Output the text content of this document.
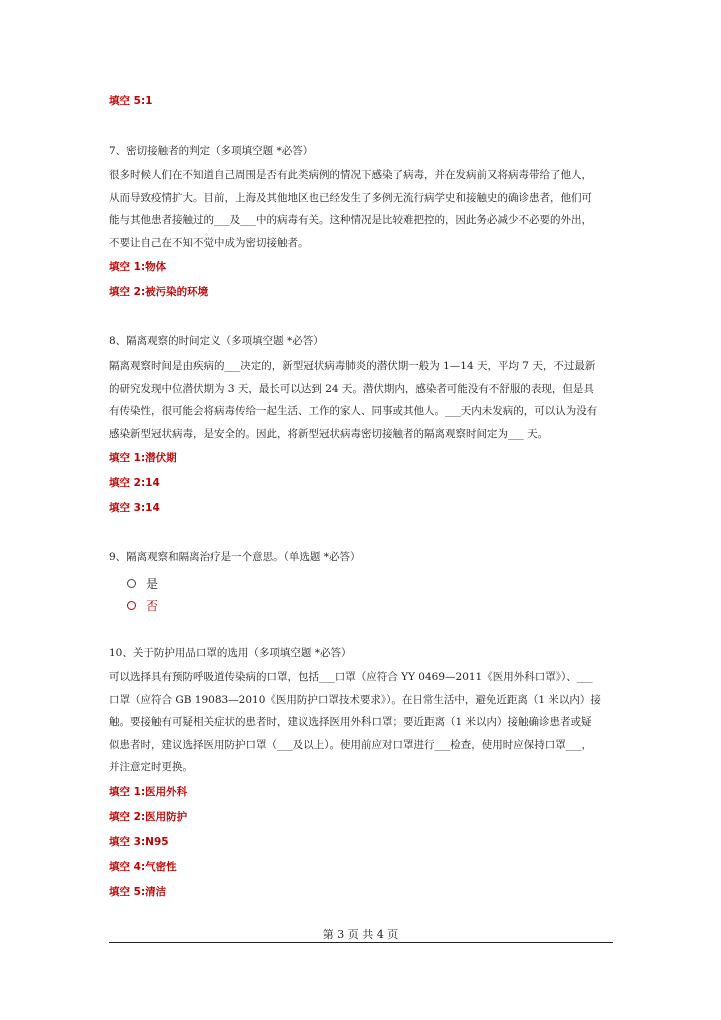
填空 5:1
7、密切接触者的判定（多项填空题 *必答）
很多时候人们在不知道自己周围是否有此类病例的情况下感染了病毒，并在发病前又将病毒带给了他人，
从而导致疫情扩大。目前，上海及其他地区也已经发生了多例无流行病学史和接触史的确诊患者，他们可
能与其他患者接触过的___及___中的病毒有关。这种情况是比较难把控的，因此务必减少不必要的外出，
不要让自己在不知不觉中成为密切接触者。
填空 1:物体
填空 2:被污染的环境
8、隔离观察的时间定义（多项填空题 *必答）
隔离观察时间是由疾病的___决定的，新型冠状病毒肺炎的潜伏期一般为 1—14 天，平均 7 天，不过最新
的研究发现中位潜伏期为 3 天，最长可以达到 24 天。潜伏期内，感染者可能没有不舒服的表现，但是具
有传染性，很可能会将病毒传给一起生活、工作的家人、同事或其他人。___天内未发病的，可以认为没有
感染新型冠状病毒，是安全的。因此，将新型冠状病毒密切接触者的隔离观察时间定为___ 天。
填空 1:潜伏期
填空 2:14
填空 3:14
9、隔离观察和隔离治疗是一个意思。（单选题 *必答）
是
否
10、关于防护用品口罩的选用（多项填空题 *必答）
可以选择具有预防呼吸道传染病的口罩，包括___口罩（应符合 YY 0469—2011《医用外科口罩》）、___
口罩（应符合 GB 19083—2010《医用防护口罩技术要求》）。在日常生活中，避免近距离（1 米以内）接
触。要接触有可疑相关症状的患者时，建议选择医用外科口罩；要近距离（1 米以内）接触确诊患者或疑
似患者时，建议选择医用防护口罩（___及以上）。使用前应对口罩进行___检查，使用时应保持口罩___，
并注意定时更换。
填空 1:医用外科
填空 2:医用防护
填空 3:N95
填空 4:气密性
填空 5:清洁
第 3 页 共 4 页
